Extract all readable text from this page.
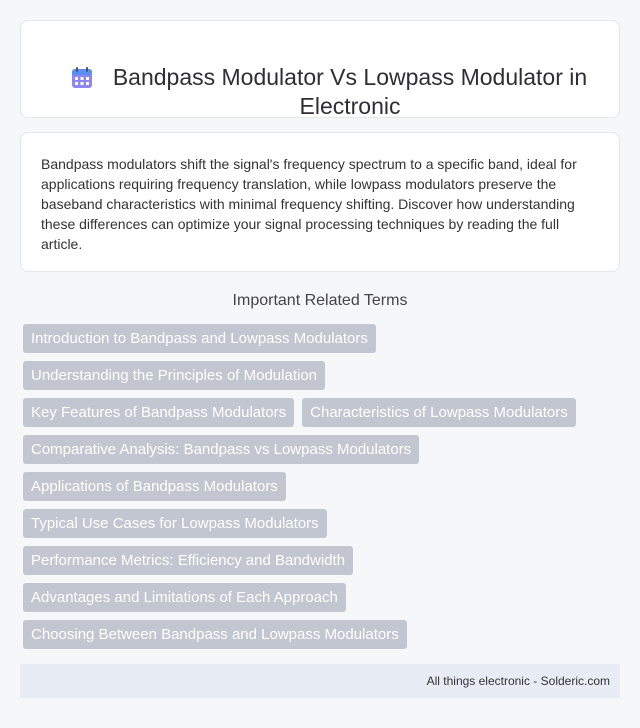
Bandpass Modulator Vs Lowpass Modulator in Electronic

Bandpass modulators shift the signal's frequency spectrum to a specific band, ideal for applications requiring frequency translation, while lowpass modulators preserve the baseband characteristics with minimal frequency shifting. Discover how understanding these differences can optimize your signal processing techniques by reading the full article.

Important Related Terms
Introduction to Bandpass and Lowpass Modulators
Understanding the Principles of Modulation
Key Features of Bandpass Modulators	Characteristics of Lowpass Modulators
Comparative Analysis: Bandpass vs Lowpass Modulators
Applications of Bandpass Modulators
Typical Use Cases for Lowpass Modulators
Performance Metrics: Efficiency and Bandwidth
Advantages and Limitations of Each Approach
Choosing Between Bandpass and Lowpass Modulators
All things electronic - Solderic.com
